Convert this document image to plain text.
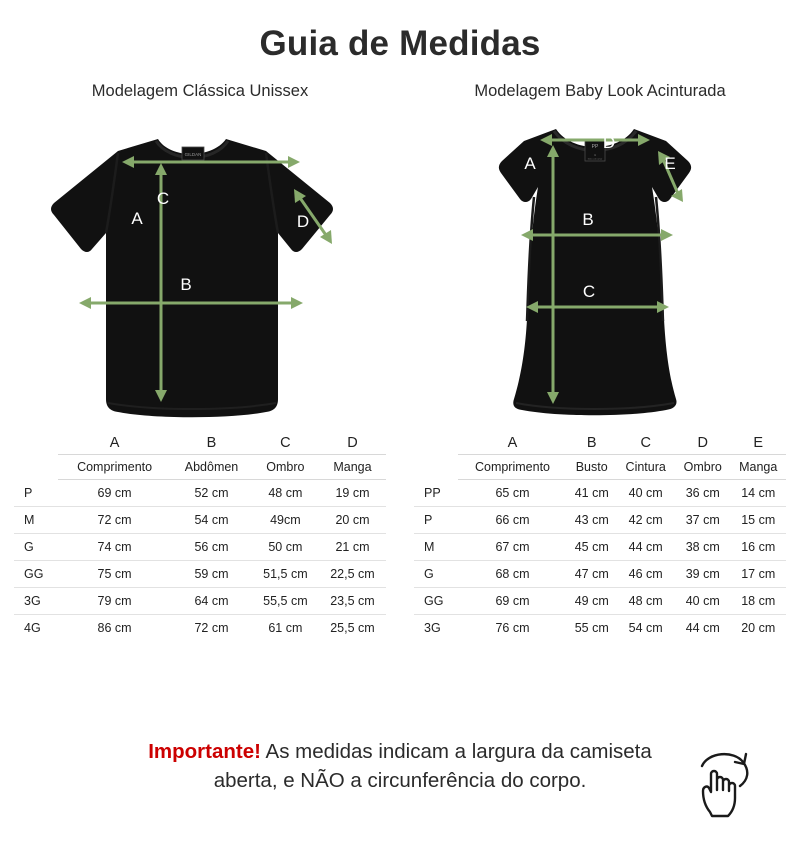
Guia de Medidas
Modelagem Clássica Unissex
GILDAN
C
A
B
D
Modelagem Baby Look Acinturada
PP
♥
feito com amor
D
A
B
C
E
	A	B	C	D
	Comprimento	Abdômen	Ombro	Manga
P	69 cm	52 cm	48 cm	19 cm
M	72 cm	54 cm	49cm	20 cm
G	74 cm	56 cm	50 cm	21 cm
GG	75 cm	59 cm	51,5 cm	22,5 cm
3G	79 cm	64 cm	55,5 cm	23,5 cm
4G	86 cm	72 cm	61 cm	25,5 cm
	A	B	C	D	E
	Comprimento	Busto	Cintura	Ombro	Manga
PP	65 cm	41 cm	40 cm	36 cm	14 cm
P	66 cm	43 cm	42 cm	37 cm	15 cm
M	67 cm	45 cm	44 cm	38 cm	16 cm
G	68 cm	47 cm	46 cm	39 cm	17 cm
GG	69 cm	49 cm	48 cm	40 cm	18 cm
3G	76 cm	55 cm	54 cm	44 cm	20 cm
Importante! As medidas indicam a largura da camiseta
aberta, e NÃO a circunferência do corpo.
